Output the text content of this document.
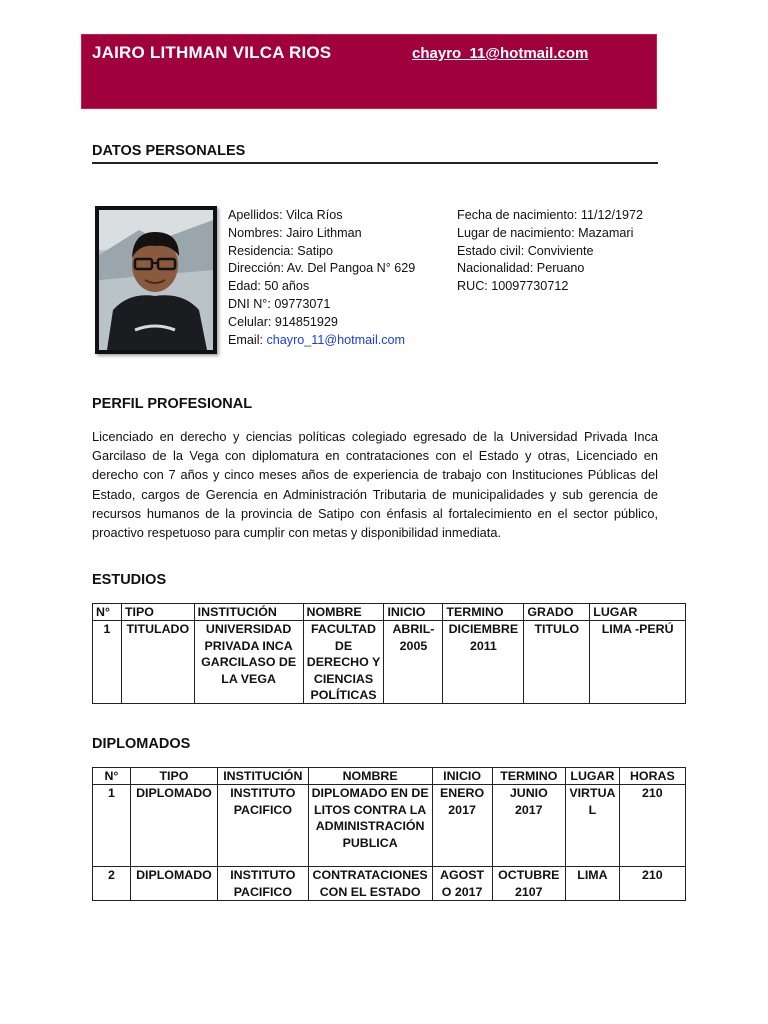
JAIRO LITHMAN VILCA RIOS	chayro_11@hotmail.com
DATOS PERSONALES
Apellidos: Vilca Ríos
Nombres: Jairo Lithman
Residencia: Satipo
Dirección: Av. Del Pangoa N° 629
Edad: 50 años
DNI N°: 09773071
Celular: 914851929
Email: chayro_11@hotmail.com
Fecha de nacimiento: 11/12/1972
Lugar de nacimiento: Mazamari
Estado civil: Conviviente
Nacionalidad: Peruano
RUC: 10097730712
PERFIL PROFESIONAL

Licenciado en derecho y ciencias políticas colegiado egresado de la Universidad Privada Inca Garcilaso de la Vega con diplomatura en contrataciones con el Estado y otras, Licenciado en derecho con 7 años y cinco meses años de experiencia de trabajo con Instituciones Públicas del Estado, cargos de Gerencia en Administración Tributaria de municipalidades y sub gerencia de recursos humanos de la provincia de Satipo con énfasis al fortalecimiento en el sector público, proactivo respetuoso para cumplir con metas y disponibilidad inmediata.

ESTUDIOS
N°	TIPO	INSTITUCIÓN	NOMBRE	INICIO	TERMINO	GRADO	LUGAR
1	TITULADO	UNIVERSIDAD PRIVADA INCA GARCILASO DE LA VEGA	FACULTAD DE DERECHO Y CIENCIAS POLÍTICAS	ABRIL-2005	DICIEMBRE 2011	TITULO	LIMA -PERÚ
DIPLOMADOS
N°	TIPO	INSTITUCIÓN	NOMBRE	INICIO	TERMINO	LUGAR	HORAS
1	DIPLOMADO	INSTITUTO PACIFICO	DIPLOMADO EN DELITOS CONTRA LA ADMINISTRACIÓN PUBLICA	ENERO 2017	JUNIO 2017	VIRTUAL	210
2	DIPLOMADO	INSTITUTO PACIFICO	CONTRATACIONES CON EL ESTADO	AGOSTO 2017	OCTUBRE 2107	LIMA	210
